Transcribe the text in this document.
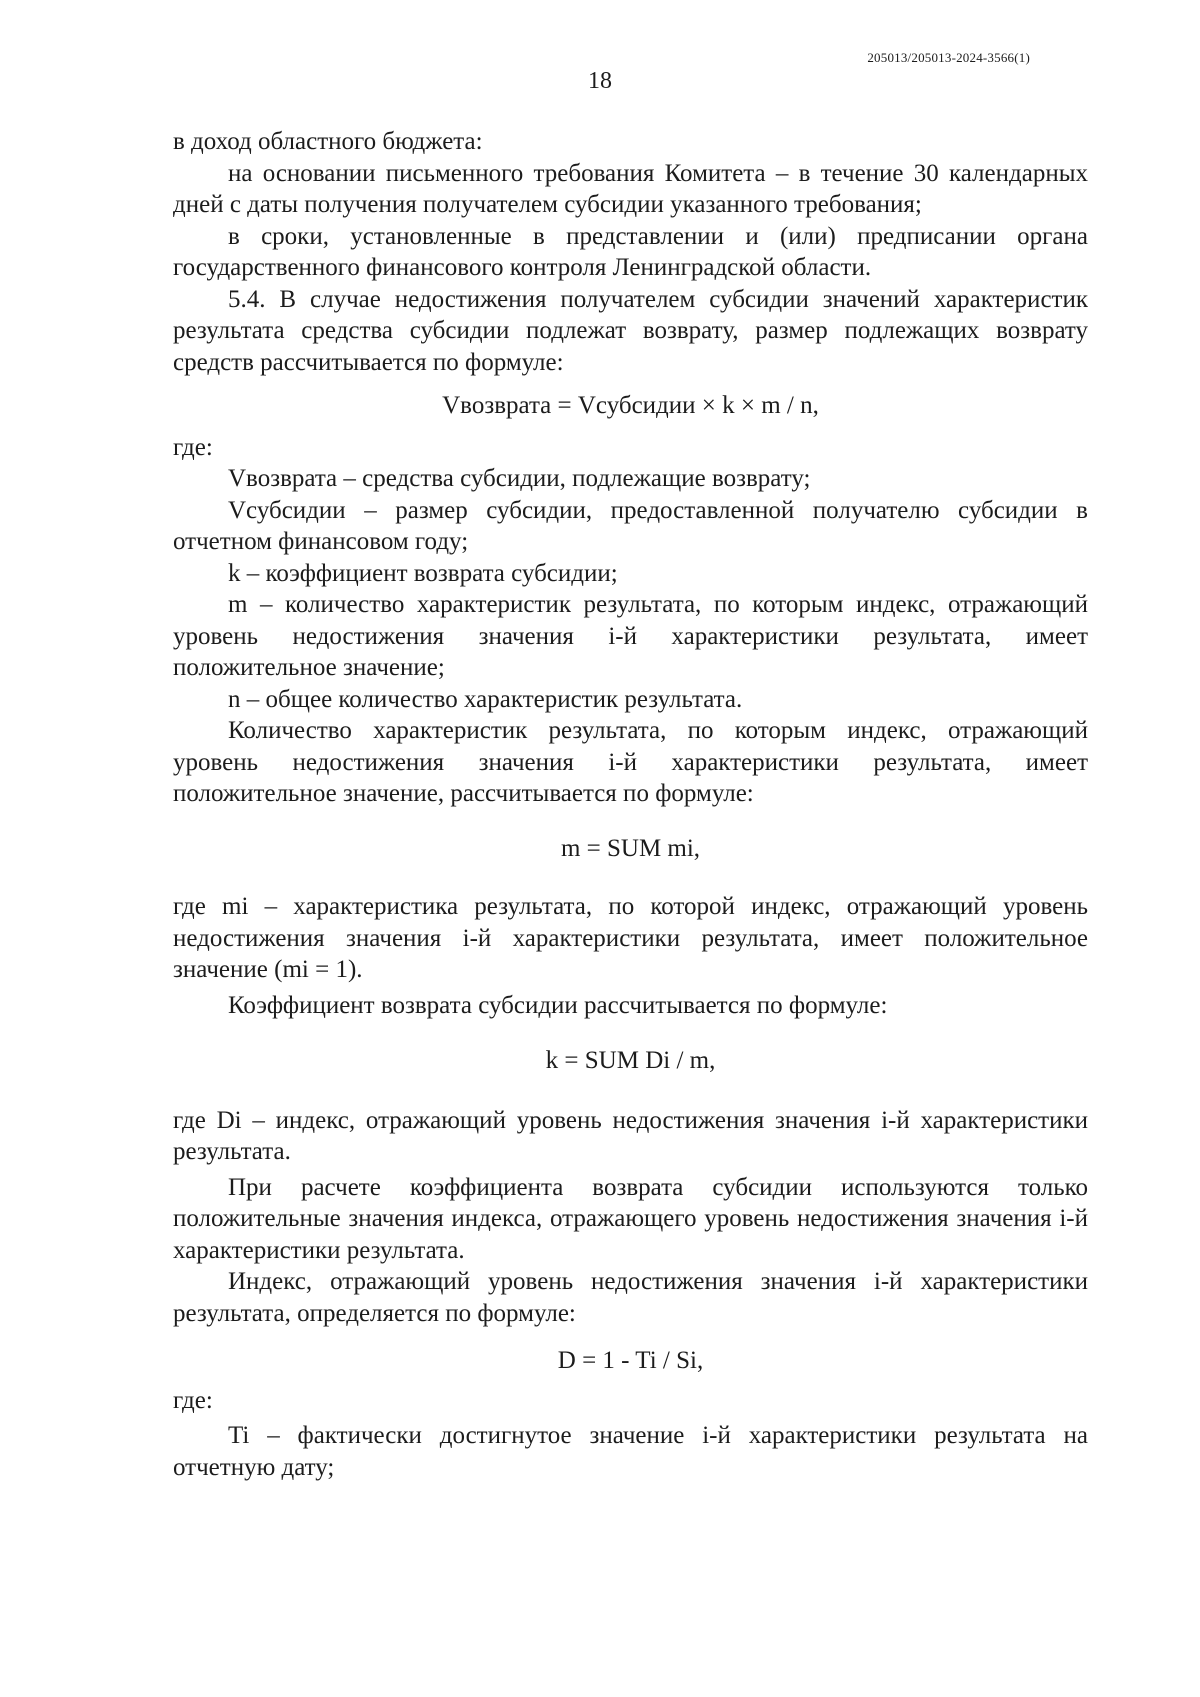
205013/205013-2024-3566(1)
18

в доход областного бюджета:

на основании письменного требования Комитета – в течение 30 календарных дней с даты получения получателем субсидии указанного требования;

в сроки, установленные в представлении и (или) предписании органа государственного финансового контроля Ленинградской области.

5.4. В случае недостижения получателем субсидии значений характеристик результата средства субсидии подлежат возврату, размер подлежащих возврату средств рассчитывается по формуле:

Vвозврата = Vсубсидии × k × m / n,

где:

Vвозврата – средства субсидии, подлежащие возврату;

Vсубсидии – размер субсидии, предоставленной получателю субсидии в отчетном финансовом году;

k – коэффициент возврата субсидии;

m – количество характеристик результата, по которым индекс, отражающий уровень недостижения значения i-й характеристики результата, имеет положительное значение;

n – общее количество характеристик результата.

Количество характеристик результата, по которым индекс, отражающий уровень недостижения значения i-й характеристики результата, имеет положительное значение, рассчитывается по формуле:

m = SUM mi,

где mi – характеристика результата, по которой индекс, отражающий уровень недостижения значения i-й характеристики результата, имеет положительное значение (mi = 1).

Коэффициент возврата субсидии рассчитывается по формуле:

k = SUM Di / m,

где Di – индекс, отражающий уровень недостижения значения i-й характеристики результата.

При расчете коэффициента возврата субсидии используются только положительные значения индекса, отражающего уровень недостижения значения i-й характеристики результата.

Индекс, отражающий уровень недостижения значения i-й характеристики результата, определяется по формуле:

D = 1 - Ti / Si,

где:

Ti – фактически достигнутое значение i-й характеристики результата на отчетную дату;
